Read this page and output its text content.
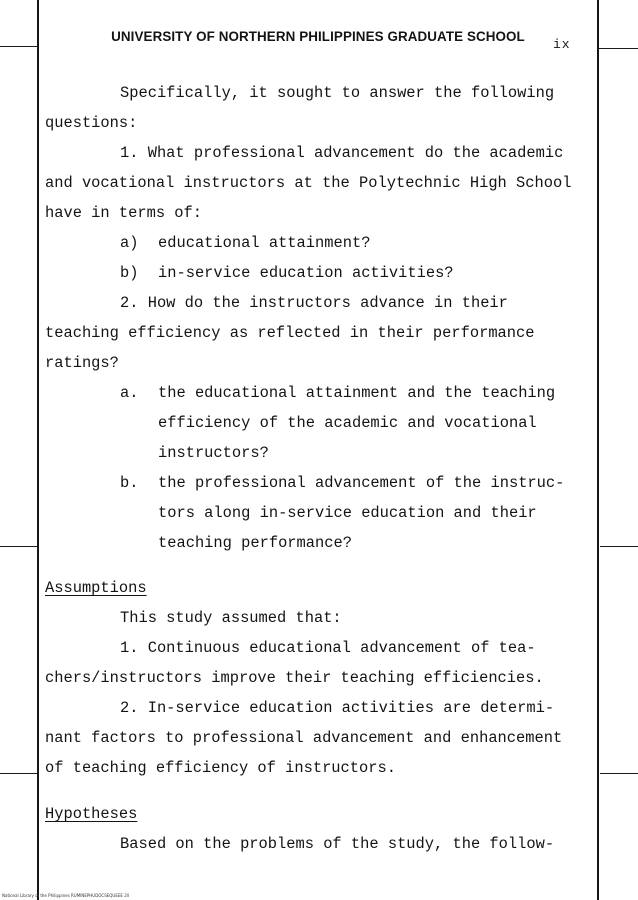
UNIVERSITY OF NORTHERN PHILIPPINES GRADUATE SCHOOL
ix
Specifically, it sought to answer the following
questions:
1. What professional advancement do the academic
and vocational instructors at the Polytechnic High School
have in terms of:
a) educational attainment?
b) in-service education activities?
2. How do the instructors advance in their
teaching efficiency as reflected in their performance
ratings?
a. the educational attainment and the teaching
efficiency of the academic and vocational
instructors?
b. the professional advancement of the instruc-
tors along in-service education and their
teaching performance?
Assumptions
This study assumed that:
1. Continuous educational advancement of tea-
chers/instructors improve their teaching efficiencies.
2. In-service education activities are determi-
nant factors to professional advancement and enhancement
of teaching efficiency of instructors.
Hypotheses
Based on the problems of the study, the follow-
National Library of the Philippines RUMINEPHUDOCSEQUEEE 2ll
